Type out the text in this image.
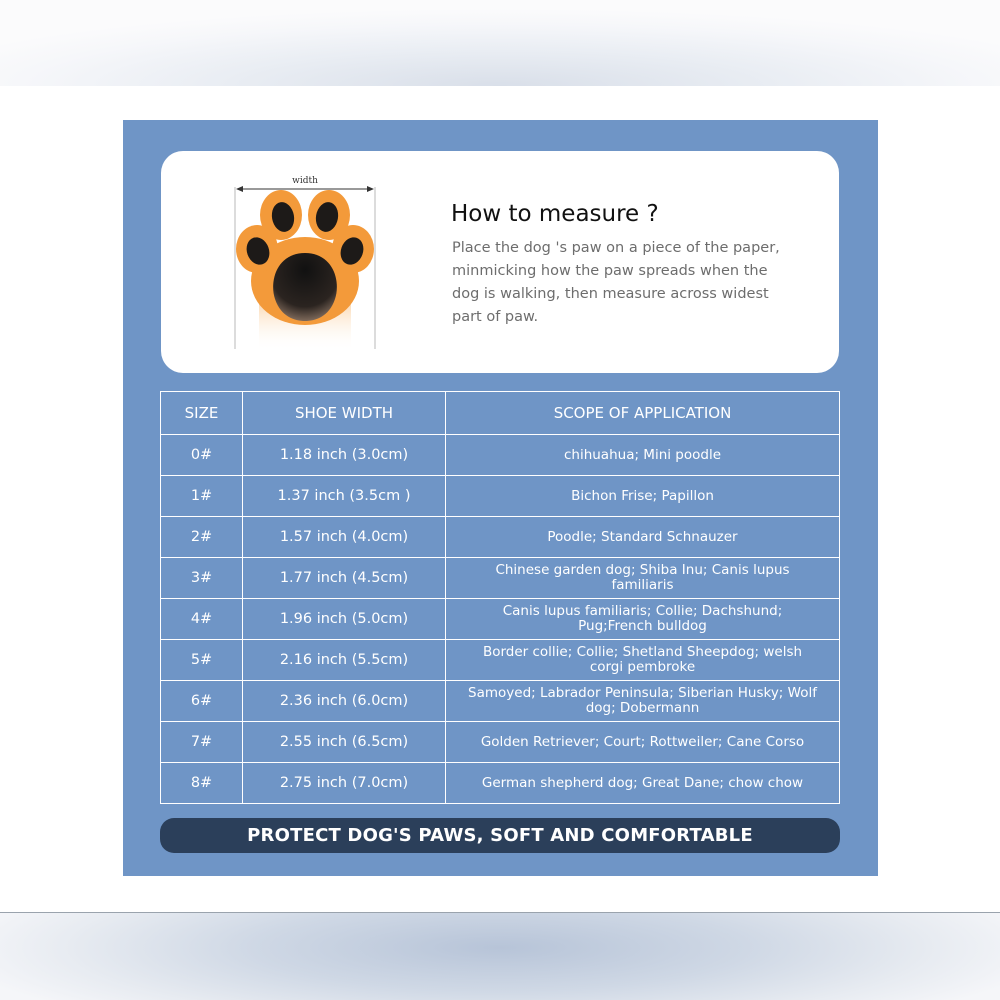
width
How to measure ?
Place the dog 's paw on a piece of the paper, minmicking how the paw spreads when the dog is walking, then measure across widest part of paw.
SIZE	SHOE WIDTH	SCOPE OF APPLICATION
0#	1.18 inch (3.0cm)	chihuahua; Mini poodle
1#	1.37 inch (3.5cm )	Bichon Frise; Papillon
2#	1.57 inch (4.0cm)	Poodle; Standard Schnauzer
3#	1.77 inch (4.5cm)	Chinese garden dog; Shiba Inu; Canis lupus familiaris
4#	1.96 inch (5.0cm)	Canis lupus familiaris; Collie; Dachshund; Pug;French bulldog
5#	2.16 inch (5.5cm)	Border collie; Collie; Shetland Sheepdog; welsh corgi pembroke
6#	2.36 inch (6.0cm)	Samoyed; Labrador Peninsula; Siberian Husky; Wolf dog; Dobermann
7#	2.55 inch (6.5cm)	Golden Retriever; Court; Rottweiler; Cane Corso
8#	2.75 inch (7.0cm)	German shepherd dog; Great Dane; chow chow
PROTECT DOG'S PAWS, SOFT AND COMFORTABLE
